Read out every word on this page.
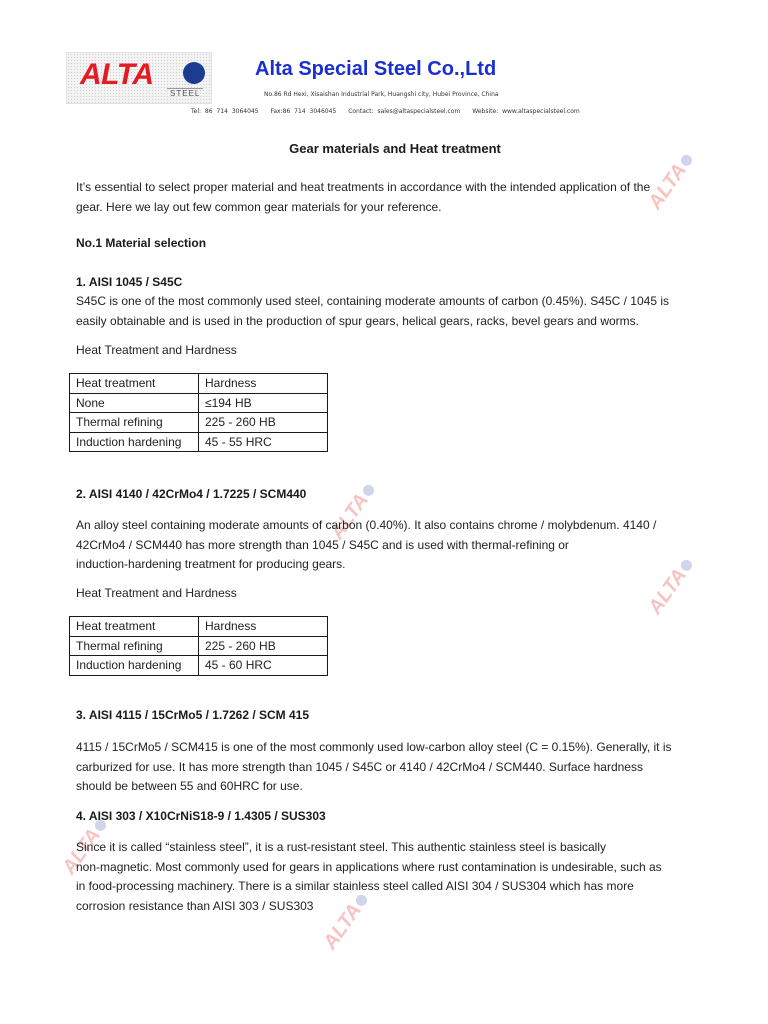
ALTA
ALTA
ALTA
ALTA
ALTA
ALTA
STEEL
Alta Special Steel Co.,Ltd
No.86 Rd Hexi, Xisaishan Industrial Park, Huangshi city, Hubei Province, China
Tel: 86 714 3064045 Fax:86 714 3046045 Contact: sales@altaspecialsteel.com Website: www.altaspecialsteel.com
Gear materials and Heat treatment

It’s essential to select proper material and heat treatments in accordance with the intended application of the

gear. Here we lay out few common gear materials for your reference.

No.1 Material selection
1. AISI 1045 / S45C

S45C is one of the most commonly used steel, containing moderate amounts of carbon (0.45%). S45C / 1045 is

easily obtainable and is used in the production of spur gears, helical gears, racks, bevel gears and worms.

Heat Treatment and Hardness
Heat treatment	Hardness
None	≤194 HB
Thermal refining	225 - 260 HB
Induction hardening	45 - 55 HRC
2. AISI 4140 / 42CrMo4 / 1.7225 / SCM440

An alloy steel containing moderate amounts of carbon (0.40%). It also contains chrome / molybdenum. 4140 /

42CrMo4 / SCM440 has more strength than 1045 / S45C and is used with thermal-refining or

induction-hardening treatment for producing gears.

Heat Treatment and Hardness
Heat treatment	Hardness
Thermal refining	225 - 260 HB
Induction hardening	45 - 60 HRC
3. AISI 4115 / 15CrMo5 / 1.7262 / SCM 415

4115 / 15CrMo5 / SCM415 is one of the most commonly used low-carbon alloy steel (C = 0.15%). Generally, it is

carburized for use. It has more strength than 1045 / S45C or 4140 / 42CrMo4 / SCM440. Surface hardness

should be between 55 and 60HRC for use.

4. AISI 303 / X10CrNiS18-9 / 1.4305 / SUS303

Since it is called “stainless steel”, it is a rust-resistant steel. This authentic stainless steel is basically

non-magnetic. Most commonly used for gears in applications where rust contamination is undesirable, such as

in food-processing machinery. There is a similar stainless steel called AISI 304 / SUS304 which has more

corrosion resistance than AISI 303 / SUS303
